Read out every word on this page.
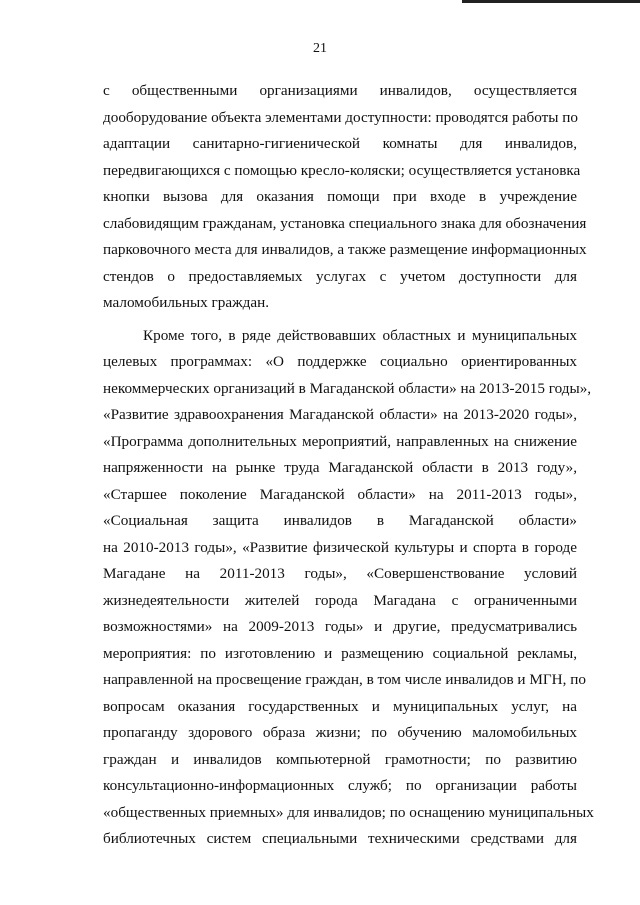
21
с общественными организациями инвалидов, осуществляется
дооборудование объекта элементами доступности: проводятся работы по
адаптации санитарно-гигиенической комнаты для инвалидов,
передвигающихся с помощью кресло-коляски; осуществляется установка
кнопки вызова для оказания помощи при входе в учреждение
слабовидящим гражданам, установка специального знака для обозначения
парковочного места для инвалидов, а также размещение информационных
стендов о предоставляемых услугах с учетом доступности для
маломобильных граждан.
Кроме того, в ряде действовавших областных и муниципальных
целевых программах: «О поддержке социально ориентированных
некоммерческих организаций в Магаданской области» на 2013-2015 годы»,
«Развитие здравоохранения Магаданской области» на 2013-2020 годы»,
«Программа дополнительных мероприятий, направленных на снижение
напряженности на рынке труда Магаданской области в 2013 году»,
«Старшее поколение Магаданской области» на 2011-2013 годы»,
«Социальная защита инвалидов в Магаданской области»
на 2010-2013 годы», «Развитие физической культуры и спорта в городе
Магадане на 2011-2013 годы», «Совершенствование условий
жизнедеятельности жителей города Магадана с ограниченными
возможностями» на 2009-2013 годы» и другие, предусматривались
мероприятия: по изготовлению и размещению социальной рекламы,
направленной на просвещение граждан, в том числе инвалидов и МГН, по
вопросам оказания государственных и муниципальных услуг, на
пропаганду здорового образа жизни; по обучению маломобильных
граждан и инвалидов компьютерной грамотности; по развитию
консультационно-информационных служб; по организации работы
«общественных приемных» для инвалидов; по оснащению муниципальных
библиотечных систем специальными техническими средствами для
